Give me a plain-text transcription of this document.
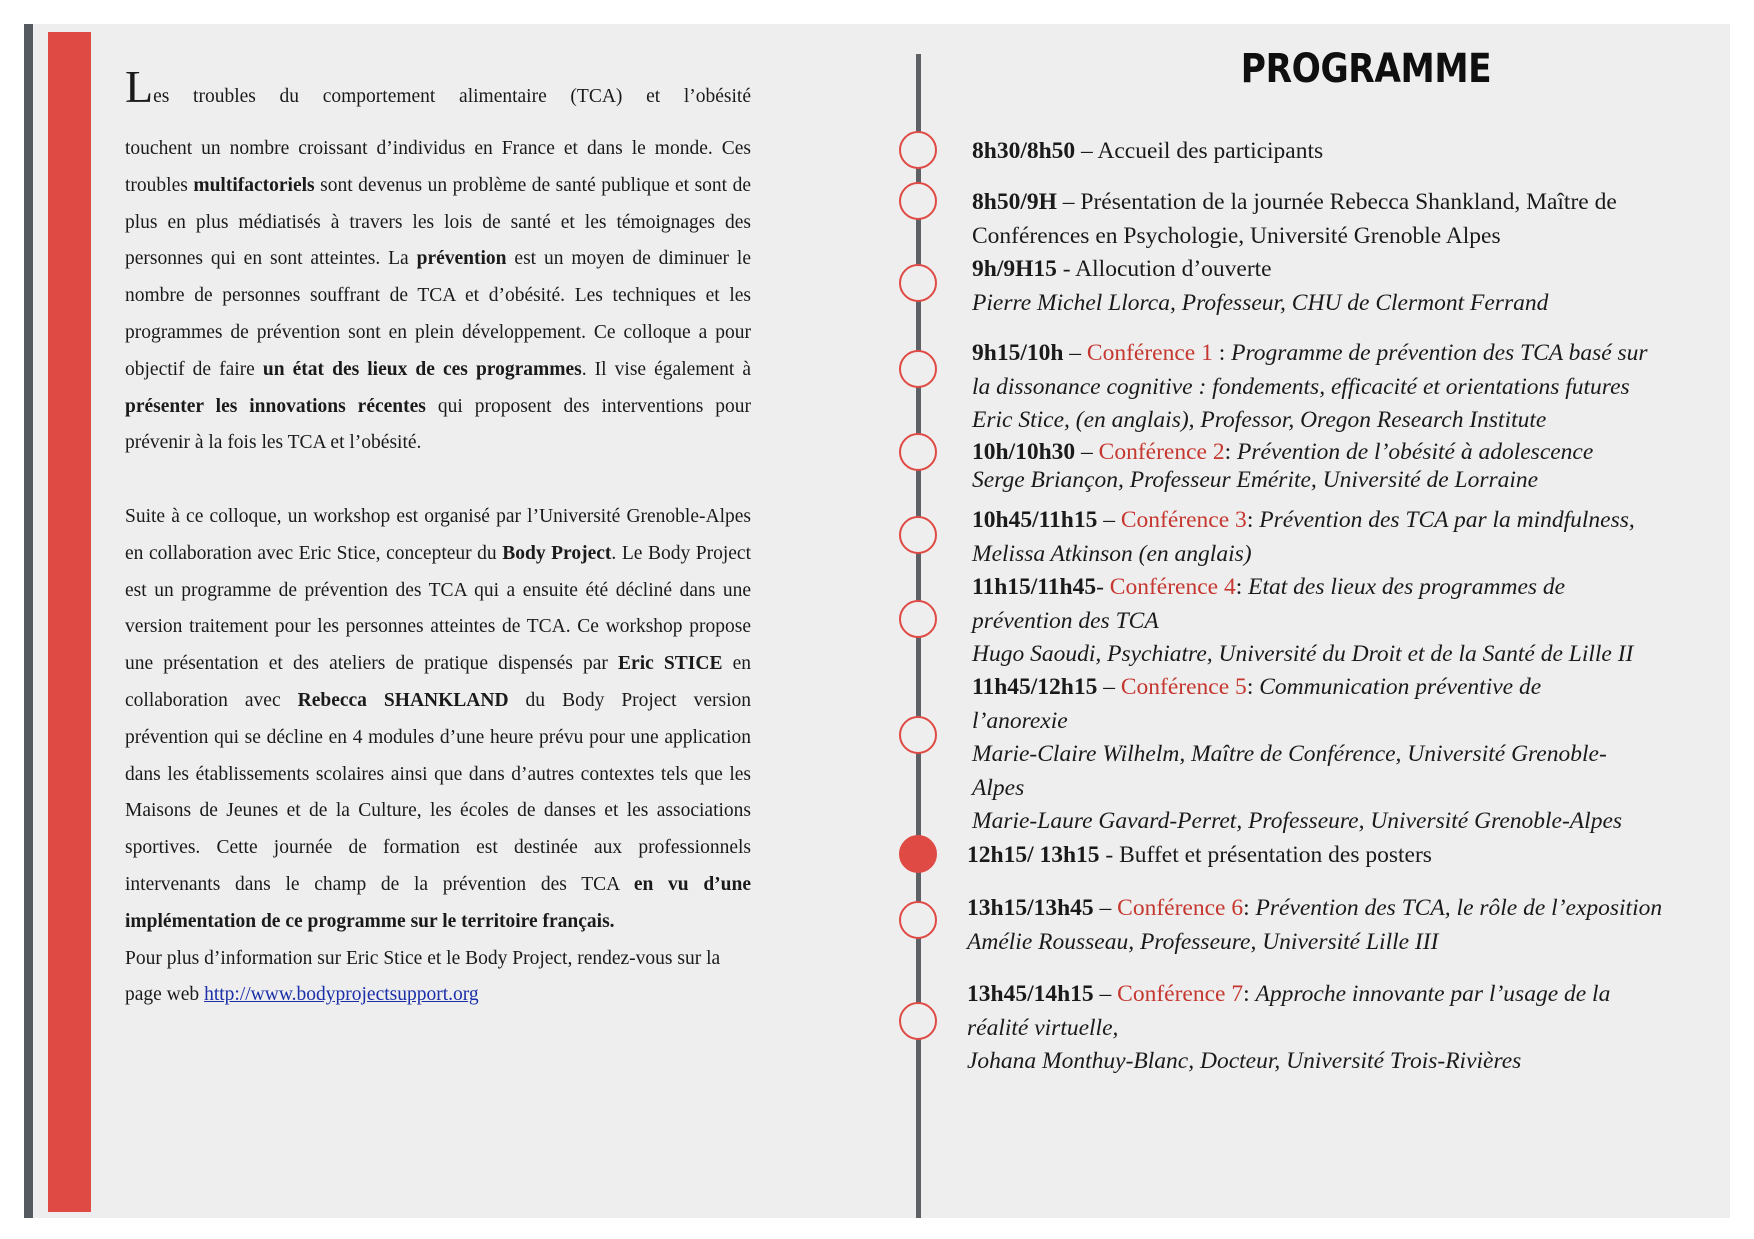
Les troubles du comportement alimentaire (TCA) et l’obésité
touchent un nombre croissant d’individus en France et dans le monde. Ces troubles multifactoriels sont devenus un problème de santé publique et sont de plus en plus médiatisés à travers les lois de santé et les témoignages des personnes qui en sont atteintes. La prévention est un moyen de diminuer le nombre de personnes souffrant de TCA et d’obésité. Les techniques et les programmes de prévention sont en plein développement. Ce colloque a pour objectif de faire un état des lieux de ces programmes. Il vise également à présenter les innovations récentes qui proposent des interventions pour prévenir à la fois les TCA et l’obésité.

Suite à ce colloque, un workshop est organisé par l’Université Grenoble-Alpes en collaboration avec Eric Stice, concepteur du Body Project. Le Body Project est un programme de prévention des TCA qui a ensuite été décliné dans une version traitement pour les personnes atteintes de TCA. Ce workshop propose une présentation et des ateliers de pratique dispensés par Eric STICE en collaboration avec Rebecca SHANKLAND du Body Project version prévention qui se décline en 4 modules d’une heure prévu pour une application dans les établissements scolaires ainsi que dans d’autres contextes tels que les Maisons de Jeunes et de la Culture, les écoles de danses et les associations sportives. Cette journée de formation est destinée aux professionnels intervenants dans le champ de la prévention des TCA en vu d’une implémentation de ce programme sur le territoire français.

Pour plus d’information sur Eric Stice et le Body Project, rendez-vous sur la page web http://www.bodyprojectsupport.org

PROGRAMME
8h30/8h50 – Accueil des participants
8h50/9H – Présentation de la journée Rebecca Shankland, Maître de
Conférences en Psychologie, Université Grenoble Alpes
9h/9H15 - Allocution d’ouverte
Pierre Michel Llorca, Professeur, CHU de Clermont Ferrand
9h15/10h – Conférence 1 : Programme de prévention des TCA basé sur
la dissonance cognitive : fondements, efficacité et orientations futures
Eric Stice, (en anglais), Professor, Oregon Research Institute
10h/10h30 – Conférence 2: Prévention de l’obésité à adolescence
Serge Briançon, Professeur Emérite, Université de Lorraine
10h45/11h15 – Conférence 3: Prévention des TCA par la mindfulness,
Melissa Atkinson (en anglais)
11h15/11h45- Conférence 4: Etat des lieux des programmes de
prévention des TCA
Hugo Saoudi, Psychiatre, Université du Droit et de la Santé de Lille II
11h45/12h15 – Conférence 5: Communication préventive de
l’anorexie
Marie-Claire Wilhelm, Maître de Conférence, Université Grenoble-
Alpes
Marie-Laure Gavard-Perret, Professeure, Université Grenoble-Alpes
12h15/ 13h15 - Buffet et présentation des posters
13h15/13h45 – Conférence 6: Prévention des TCA, le rôle de l’exposition
Amélie Rousseau, Professeure, Université Lille III
13h45/14h15 – Conférence 7: Approche innovante par l’usage de la
réalité virtuelle,
Johana Monthuy-Blanc, Docteur, Université Trois-Rivières
